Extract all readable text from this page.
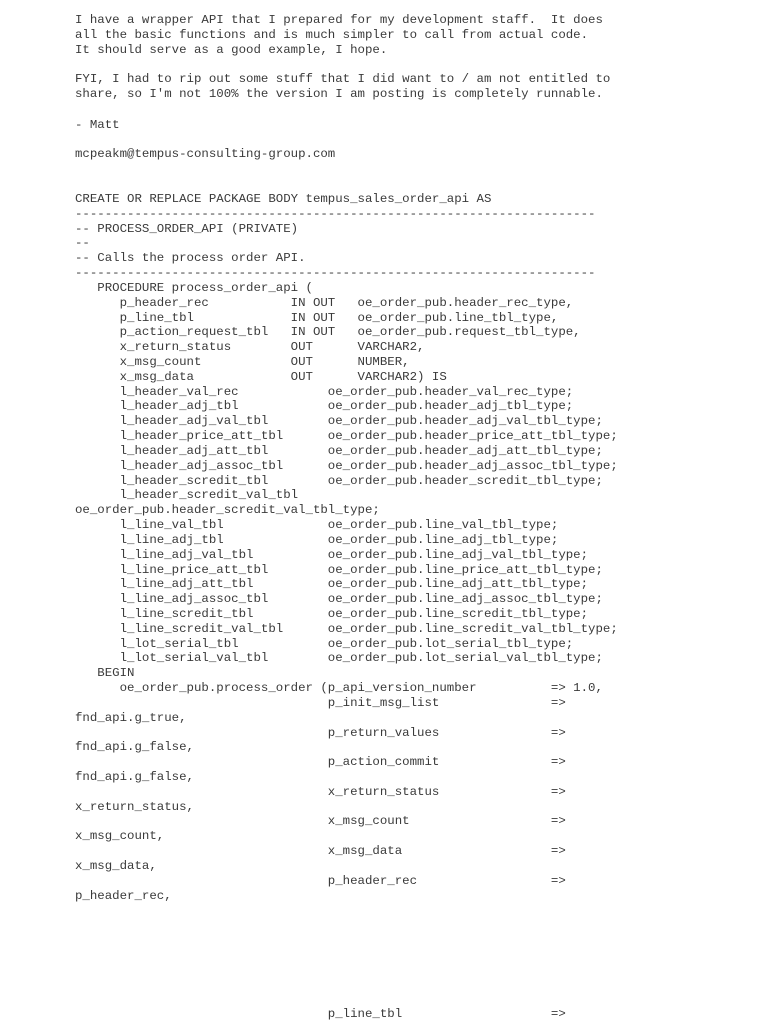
I have a wrapper API that I prepared for my development staff.  It does
all the basic functions and is much simpler to call from actual code.
It should serve as a good example, I hope.
FYI, I had to rip out some stuff that I did want to / am not entitled to
share, so I'm not 100% the version I am posting is completely runnable.
- Matt
mcpeakm@tempus-consulting-group.com
CREATE OR REPLACE PACKAGE BODY tempus_sales_order_api AS
----------------------------------------------------------------------
-- PROCESS_ORDER_API (PRIVATE)
--
-- Calls the process order API.
----------------------------------------------------------------------
PROCEDURE process_order_api (
p_header_rec           IN OUT   oe_order_pub.header_rec_type,
p_line_tbl             IN OUT   oe_order_pub.line_tbl_type,
p_action_request_tbl   IN OUT   oe_order_pub.request_tbl_type,
x_return_status        OUT      VARCHAR2,
x_msg_count            OUT      NUMBER,
x_msg_data             OUT      VARCHAR2) IS
l_header_val_rec            oe_order_pub.header_val_rec_type;
l_header_adj_tbl            oe_order_pub.header_adj_tbl_type;
l_header_adj_val_tbl        oe_order_pub.header_adj_val_tbl_type;
l_header_price_att_tbl      oe_order_pub.header_price_att_tbl_type;
l_header_adj_att_tbl        oe_order_pub.header_adj_att_tbl_type;
l_header_adj_assoc_tbl      oe_order_pub.header_adj_assoc_tbl_type;
l_header_scredit_tbl        oe_order_pub.header_scredit_tbl_type;
l_header_scredit_val_tbl
oe_order_pub.header_scredit_val_tbl_type;
l_line_val_tbl              oe_order_pub.line_val_tbl_type;
l_line_adj_tbl              oe_order_pub.line_adj_tbl_type;
l_line_adj_val_tbl          oe_order_pub.line_adj_val_tbl_type;
l_line_price_att_tbl        oe_order_pub.line_price_att_tbl_type;
l_line_adj_att_tbl          oe_order_pub.line_adj_att_tbl_type;
l_line_adj_assoc_tbl        oe_order_pub.line_adj_assoc_tbl_type;
l_line_scredit_tbl          oe_order_pub.line_scredit_tbl_type;
l_line_scredit_val_tbl      oe_order_pub.line_scredit_val_tbl_type;
l_lot_serial_tbl            oe_order_pub.lot_serial_tbl_type;
l_lot_serial_val_tbl        oe_order_pub.lot_serial_val_tbl_type;
BEGIN
oe_order_pub.process_order (p_api_version_number          => 1.0,
p_init_msg_list               =>
fnd_api.g_true,
p_return_values               =>
fnd_api.g_false,
p_action_commit               =>
fnd_api.g_false,
x_return_status               =>
x_return_status,
x_msg_count                   =>
x_msg_count,
x_msg_data                    =>
x_msg_data,
p_header_rec                  =>
p_header_rec,
p_line_tbl                    =>
